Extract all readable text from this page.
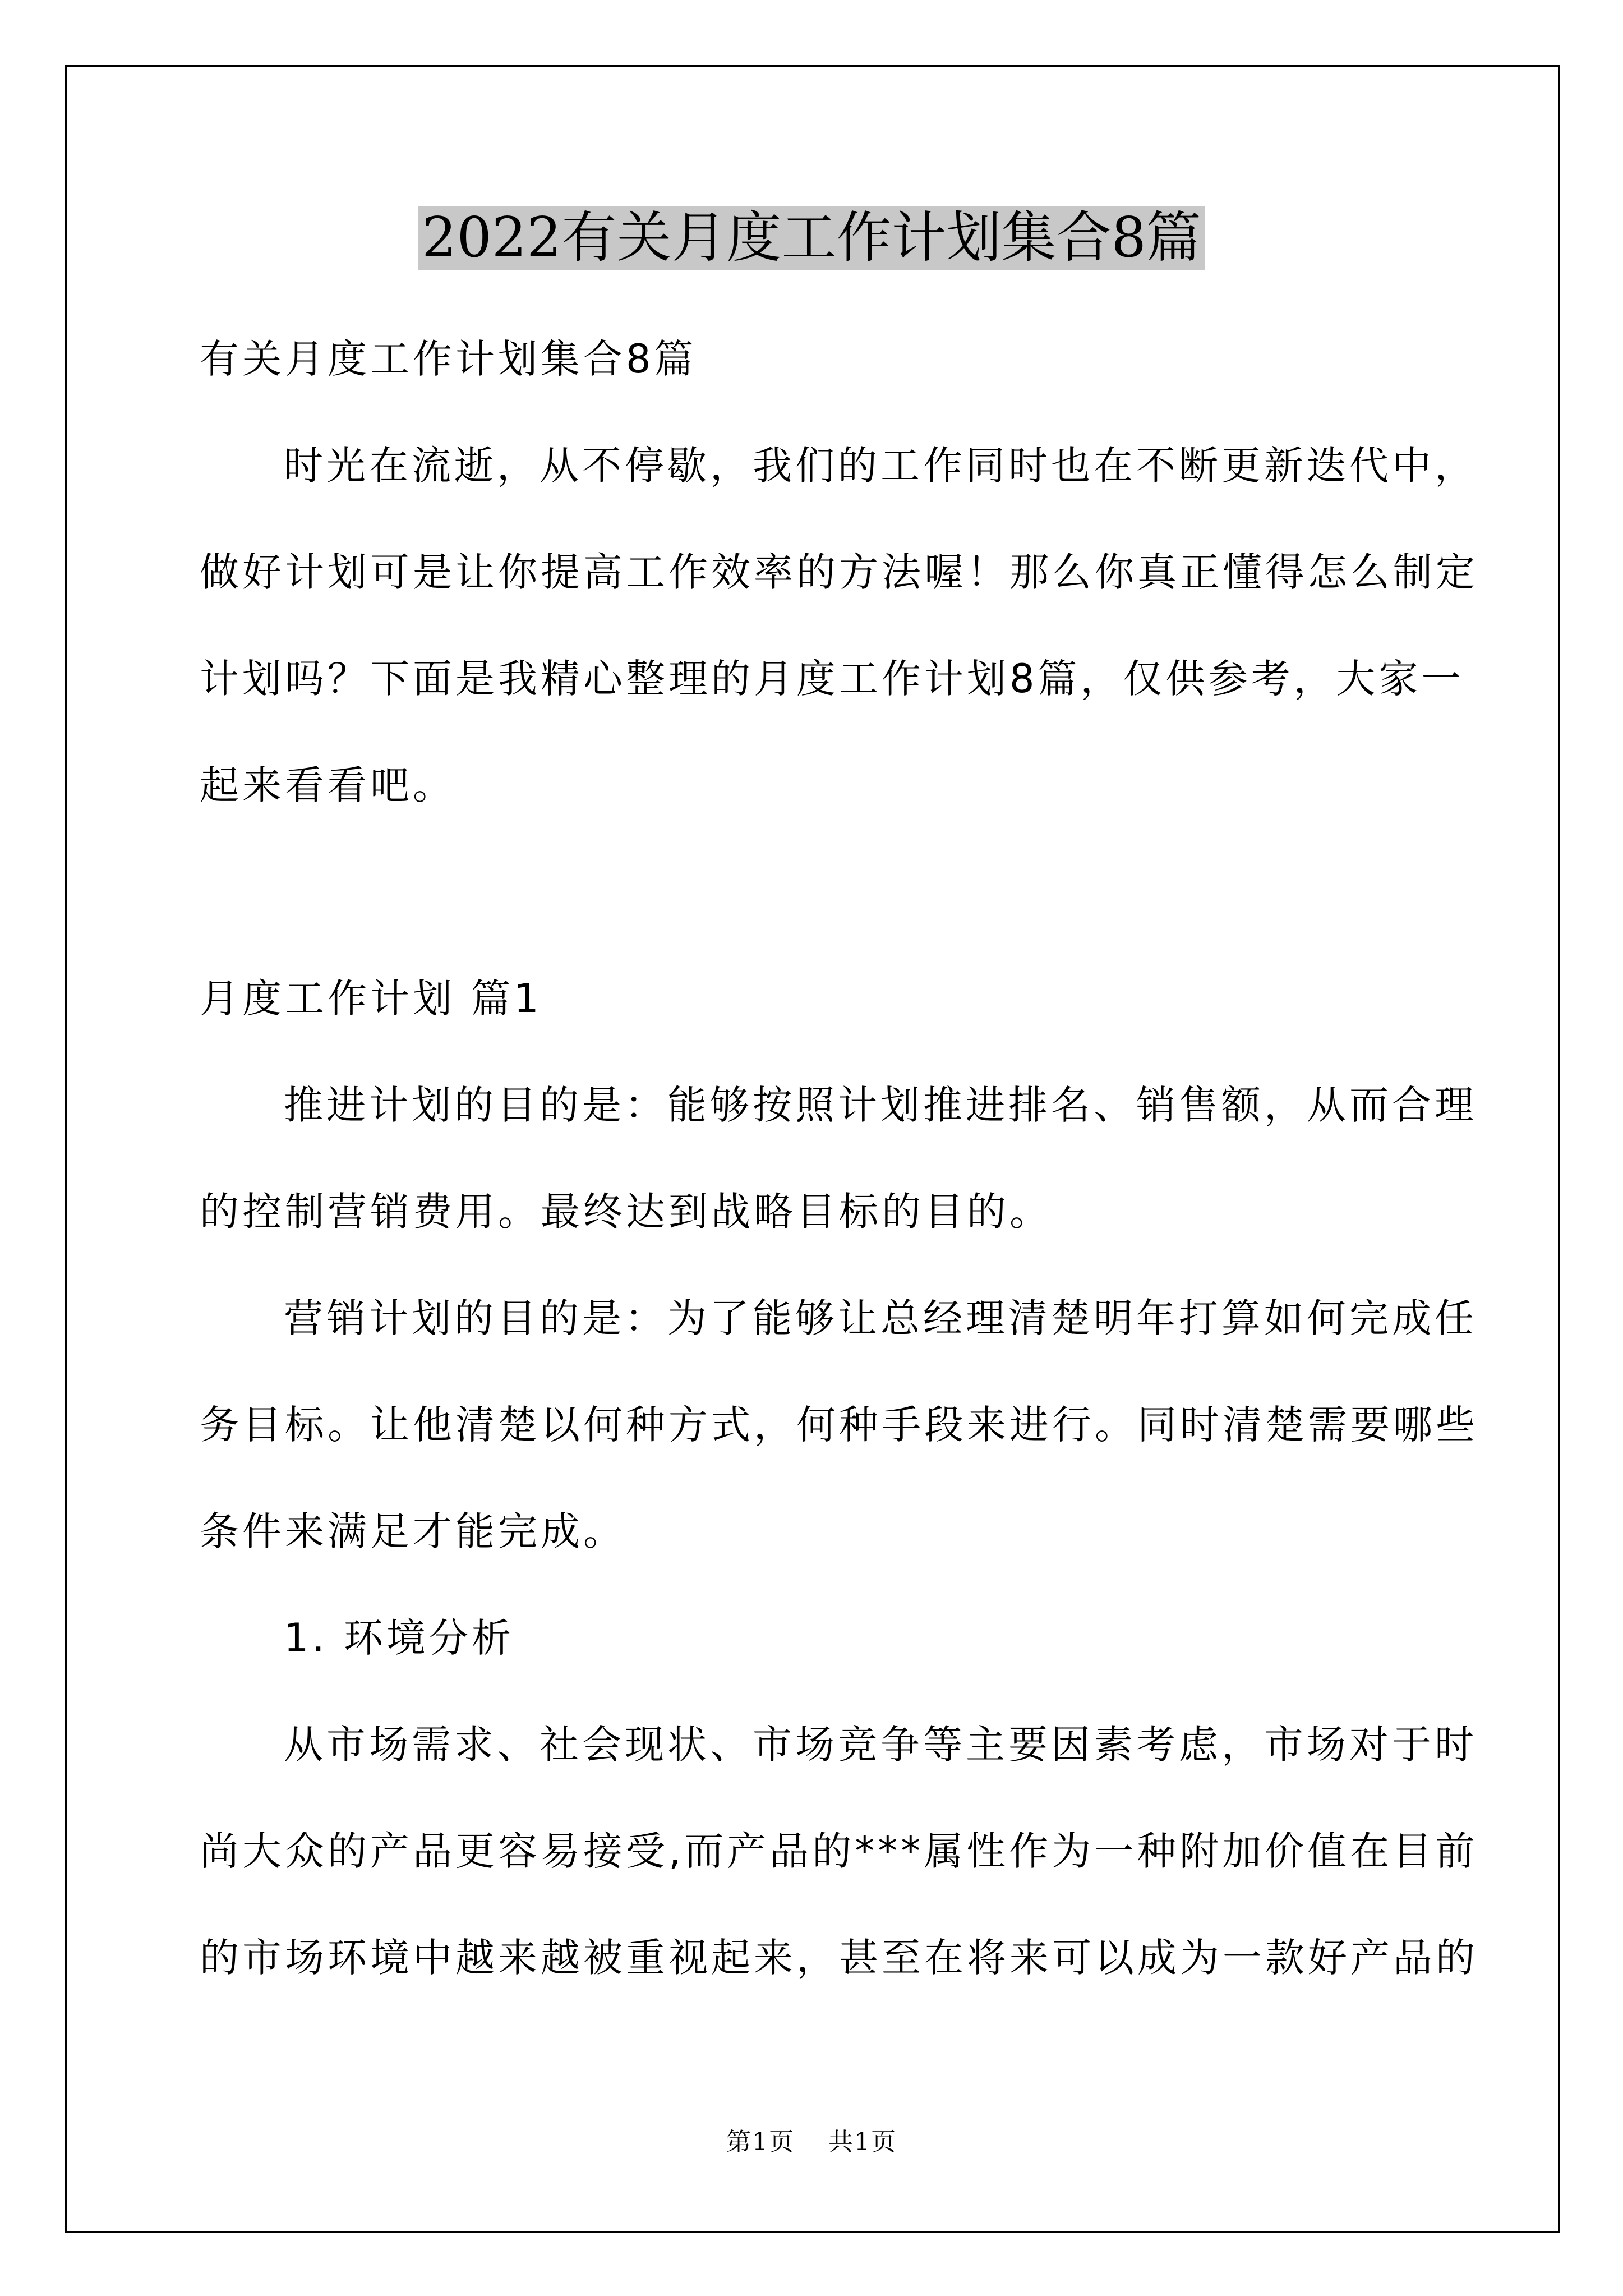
2022有关月度工作计划集合8篇
有关月度工作计划集合8篇
时光在流逝，从不停歇，我们的工作同时也在不断更新迭代中，
做好计划可是让你提高工作效率的方法喔！那么你真正懂得怎么制定
计划吗？下面是我精心整理的月度工作计划8篇，仅供参考，大家一
起来看看吧。
月度工作计划 篇1
推进计划的目的是：能够按照计划推进排名、销售额，从而合理
的控制营销费用。最终达到战略目标的目的。
营销计划的目的是：为了能够让总经理清楚明年打算如何完成任
务目标。让他清楚以何种方式，何种手段来进行。同时清楚需要哪些
条件来满足才能完成。
1. 环境分析
从市场需求、社会现状、市场竞争等主要因素考虑，市场对于时
尚大众的产品更容易接受,而产品的***属性作为一种附加价值在目前
的市场环境中越来越被重视起来，甚至在将来可以成为一款好产品的
第1页 共1页
